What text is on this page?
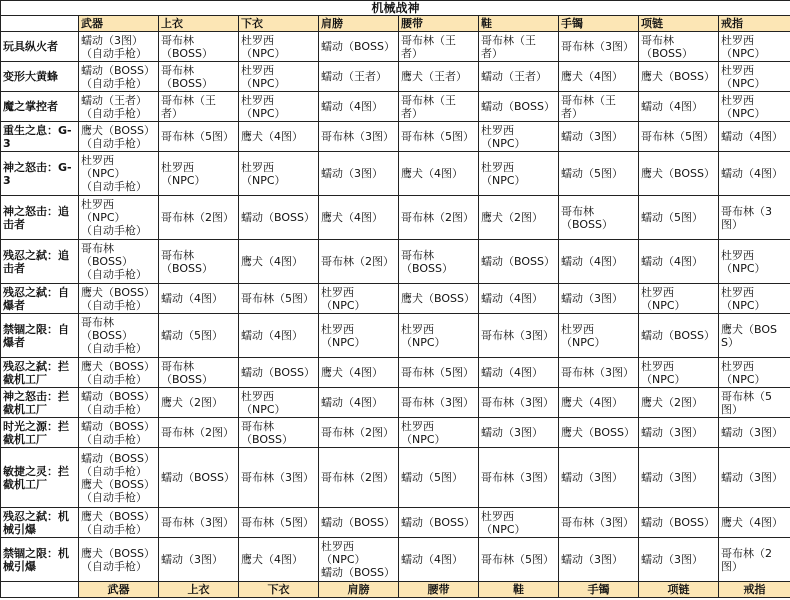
机械战神									
	武器	上衣	下衣	肩膀	腰带	鞋	手镯	项链	戒指
玩具纵火者	蠕动（3图）
（自动手枪）	哥布林
（BOSS）	杜罗西
（NPC）	蠕动（BOSS）	哥布林（王
者）	哥布林（王
者）	哥布林（3图）	哥布林
（BOSS）	杜罗西
（NPC）

变形大黄蜂	蠕动（BOSS）
（自动手枪）	哥布林
（BOSS）	杜罗西
（NPC）	蠕动（王者）	鹰犬（王者）	蠕动（王者）	鹰犬（4图）	鹰犬（BOSS）	杜罗西
（NPC）

魔之掌控者	蠕动（王者）
（自动手枪）	哥布林（王
者）	杜罗西
（NPC）	蠕动（4图）	哥布林（王
者）	蠕动（BOSS）	哥布林（王
者）	蠕动（4图）	杜罗西
（NPC）

重生之息：G-3	鹰犬（BOSS）
（自动手枪）	哥布林（5图）	鹰犬（4图）	哥布林（3图）	哥布林（5图）	杜罗西
（NPC）	蠕动（3图）	哥布林（5图）	蠕动（4图）

神之怒击：G-3	杜罗西
（NPC）
（自动手枪）	杜罗西
（NPC）	杜罗西
（NPC）	蠕动（3图）	鹰犬（4图）	杜罗西
（NPC）	蠕动（5图）	鹰犬（BOSS）	蠕动（4图）

神之怒击：追击者	杜罗西
（NPC）
（自动手枪）	哥布林（2图）	蠕动（BOSS）	鹰犬（4图）	哥布林（2图）	鹰犬（2图）	哥布林
（BOSS）	蠕动（5图）	哥布林（3图）

残忍之弑：追击者	哥布林
（BOSS）
（自动手枪）	哥布林
（BOSS）	鹰犬（4图）	哥布林（2图）	哥布林
（BOSS）	蠕动（BOSS）	蠕动（4图）	蠕动（4图）	杜罗西
（NPC）

残忍之弑：自爆者	鹰犬（BOSS）
（自动手枪）	蠕动（4图）	哥布林（5图）	杜罗西
（NPC）	鹰犬（BOSS）	蠕动（4图）	蠕动（3图）	杜罗西
（NPC）	杜罗西
（NPC）

禁锢之限：自爆者	哥布林
（BOSS）
（自动手枪）	蠕动（5图）	蠕动（4图）	杜罗西
（NPC）	杜罗西
（NPC）	哥布林（3图）	杜罗西
（NPC）	蠕动（BOSS）	鹰犬（BOSS）

残忍之弑：拦截机工厂	鹰犬（BOSS）
（自动手枪）	哥布林
（BOSS）	蠕动（BOSS）	鹰犬（4图）	哥布林（5图）	蠕动（4图）	哥布林（3图）	杜罗西
（NPC）	杜罗西
（NPC）

神之怒击：拦截机工厂	蠕动（BOSS）
（自动手枪）	鹰犬（2图）	杜罗西
（NPC）	蠕动（4图）	哥布林（3图）	哥布林（3图）	鹰犬（4图）	鹰犬（2图）	哥布林（5图）

时光之源：拦截机工厂	蠕动（BOSS）
（自动手枪）	哥布林（2图）	哥布林
（BOSS）	哥布林（2图）	杜罗西
（NPC）	蠕动（3图）	鹰犬（BOSS）	蠕动（3图）	蠕动（3图）

敏捷之灵：拦截机工厂	蠕动（BOSS）
（自动手枪）
鹰犬（BOSS）
（自动手枪）	蠕动（BOSS）	哥布林（3图）	哥布林（2图）	蠕动（5图）	哥布林（3图）	蠕动（3图）	蠕动（3图）	蠕动（3图）

残忍之弑：机械引爆	鹰犬（BOSS）
（自动手枪）	哥布林（3图）	哥布林（5图）	蠕动（BOSS）	蠕动（BOSS）	杜罗西
（NPC）	哥布林（3图）	蠕动（BOSS）	鹰犬（4图）

禁锢之限：机械引爆	鹰犬（BOSS）
（自动手枪）	蠕动（3图）	鹰犬（4图）	杜罗西
（NPC）
蠕动（BOSS）	蠕动（4图）	哥布林（5图）	蠕动（3图）	蠕动（3图）	哥布林（2图）

	武器	上衣	下衣	肩膀	腰带	鞋	手镯	项链	戒指
